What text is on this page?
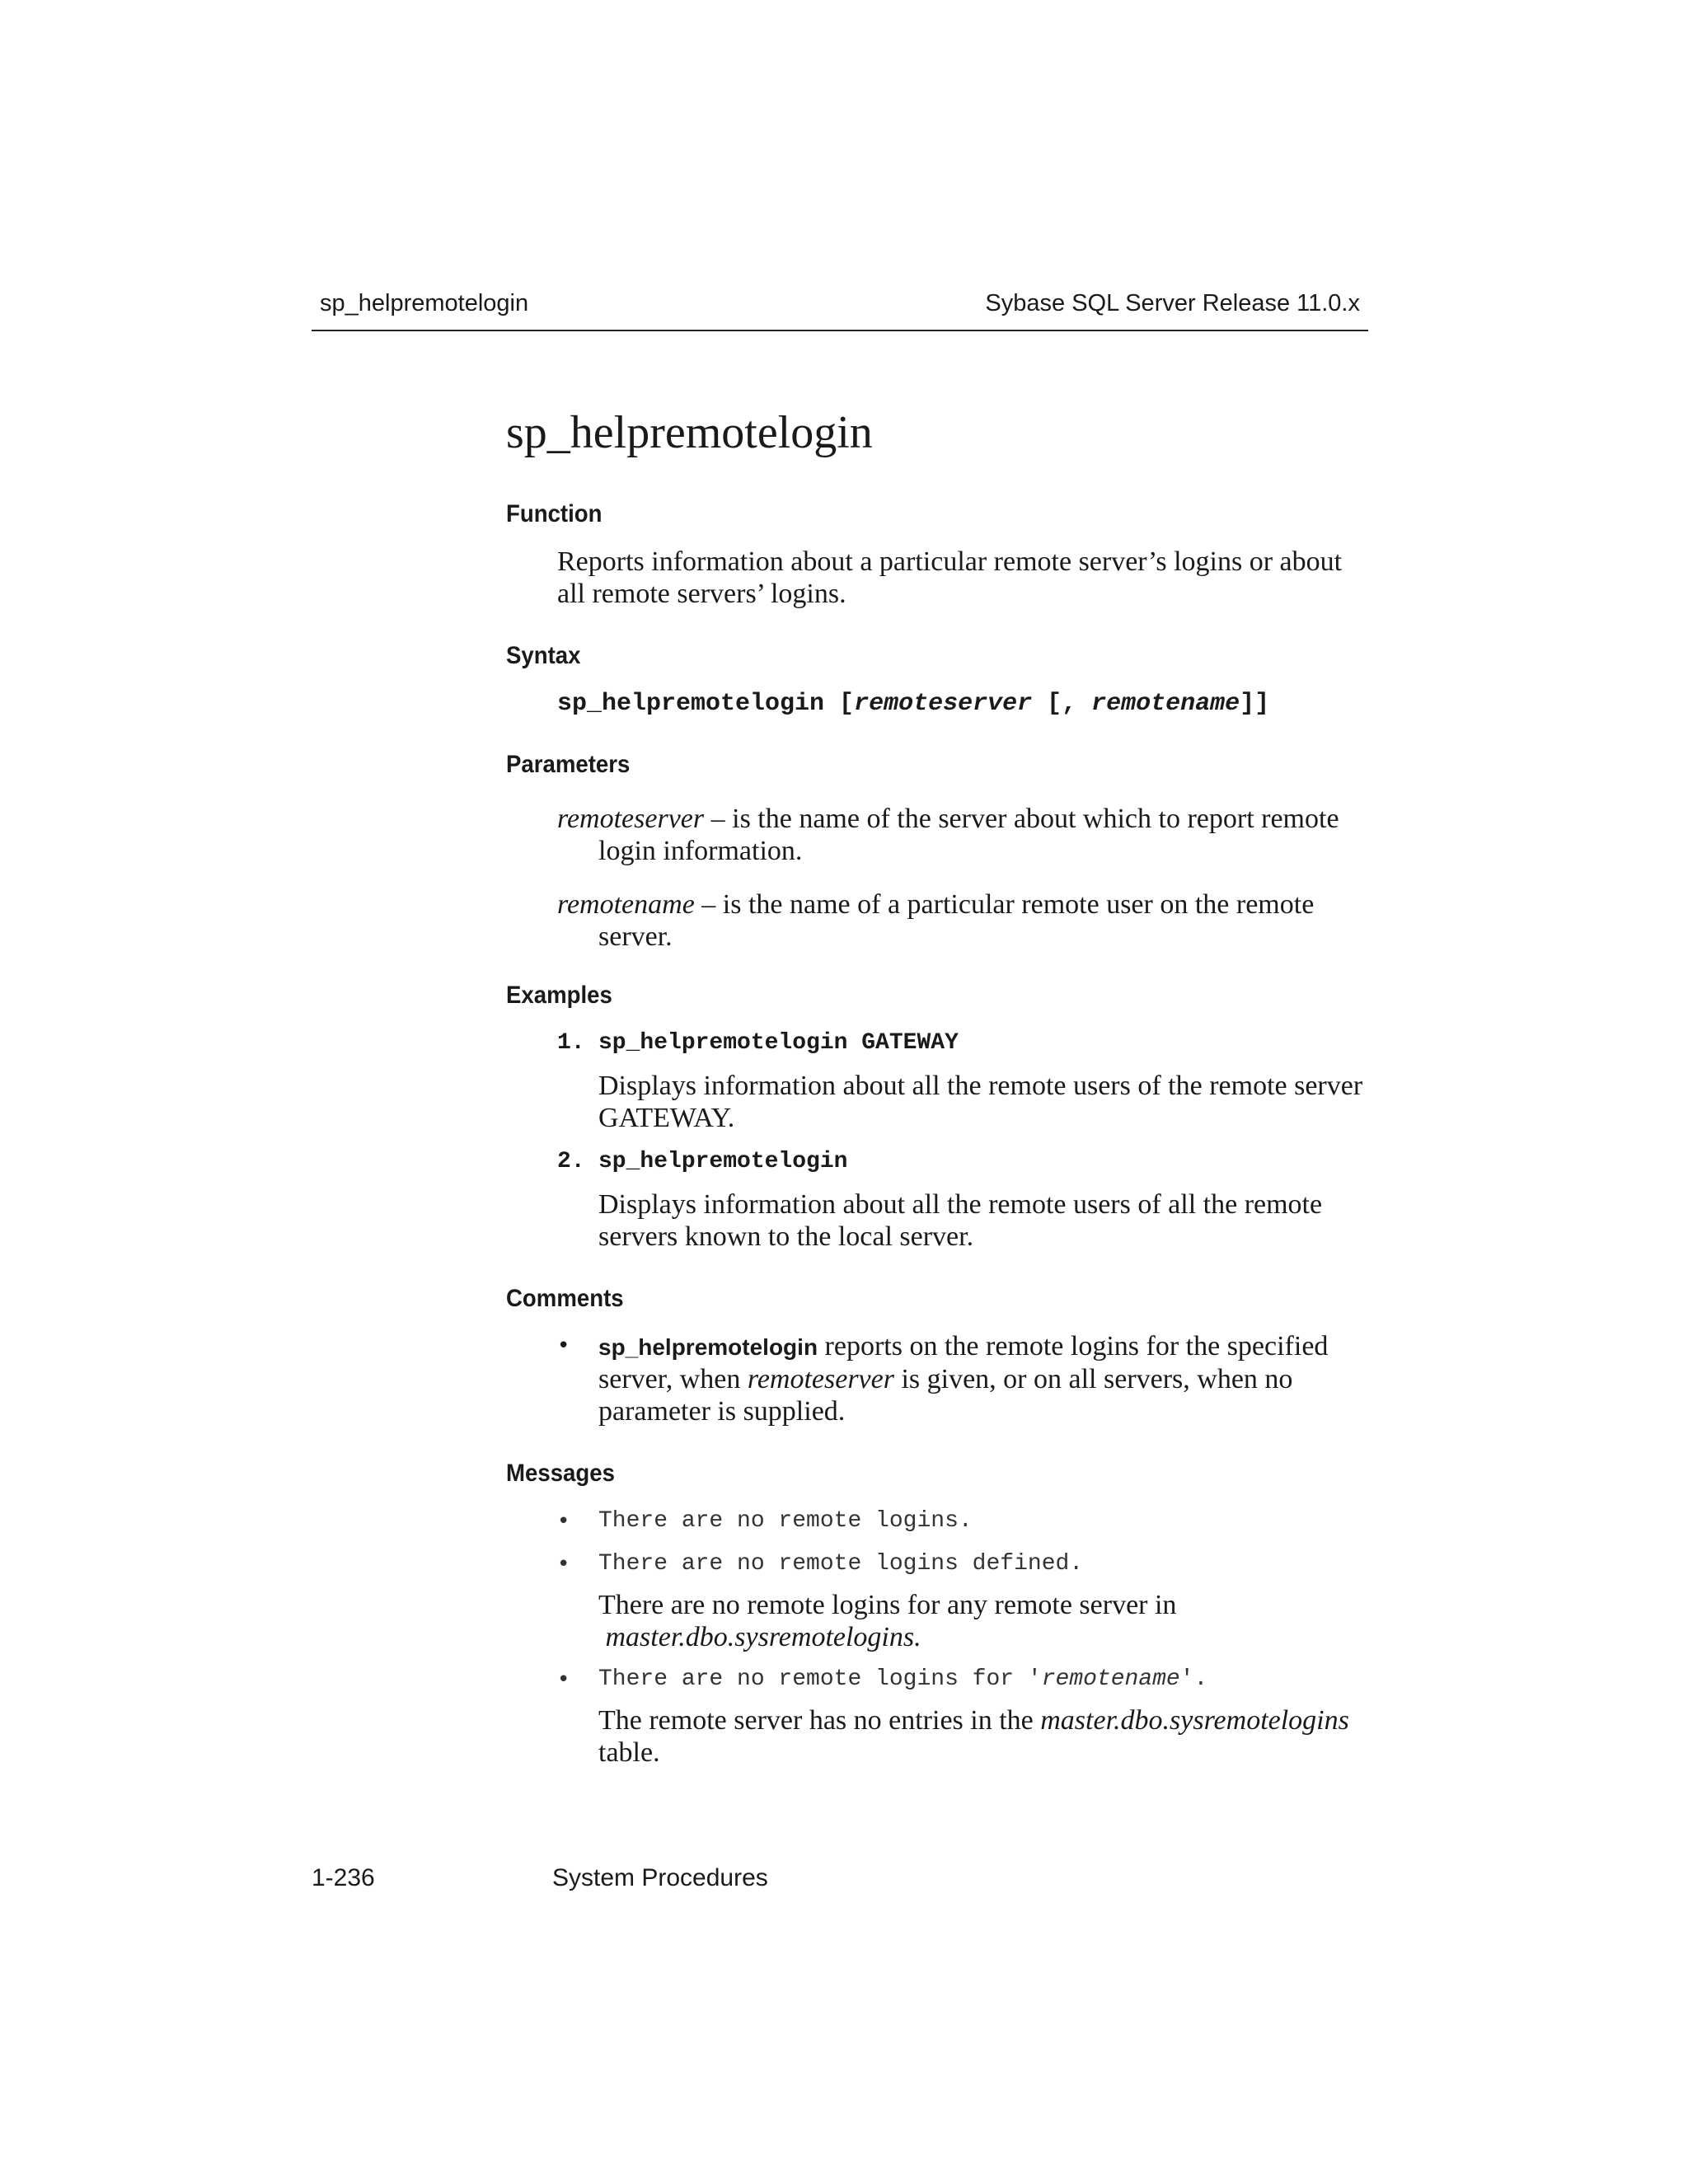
sp_helpremotelogin	Sybase SQL Server Release 11.0.x
sp_helpremotelogin
Function
Reports information about a particular remote server’s logins or about all remote servers’ logins.
Syntax
sp_helpremotelogin [remoteserver [, remotename]]
Parameters
remoteserver – is the name of the server about which to report remote login information.
remotename – is the name of a particular remote user on the remote server.
Examples
1. sp_helpremotelogin GATEWAY
Displays information about all the remote users of the remote server GATEWAY.
2. sp_helpremotelogin
Displays information about all the remote users of all the remote servers known to the local server.
Comments
• sp_helpremotelogin reports on the remote logins for the specified server, when remoteserver is given, or on all servers, when no parameter is supplied.
Messages
• There are no remote logins.
• There are no remote logins defined.
There are no remote logins for any remote server in
master.dbo.sysremotelogins.
• There are no remote logins for 'remotename'.
The remote server has no entries in the master.dbo.sysremotelogins table.
1-236	System Procedures
